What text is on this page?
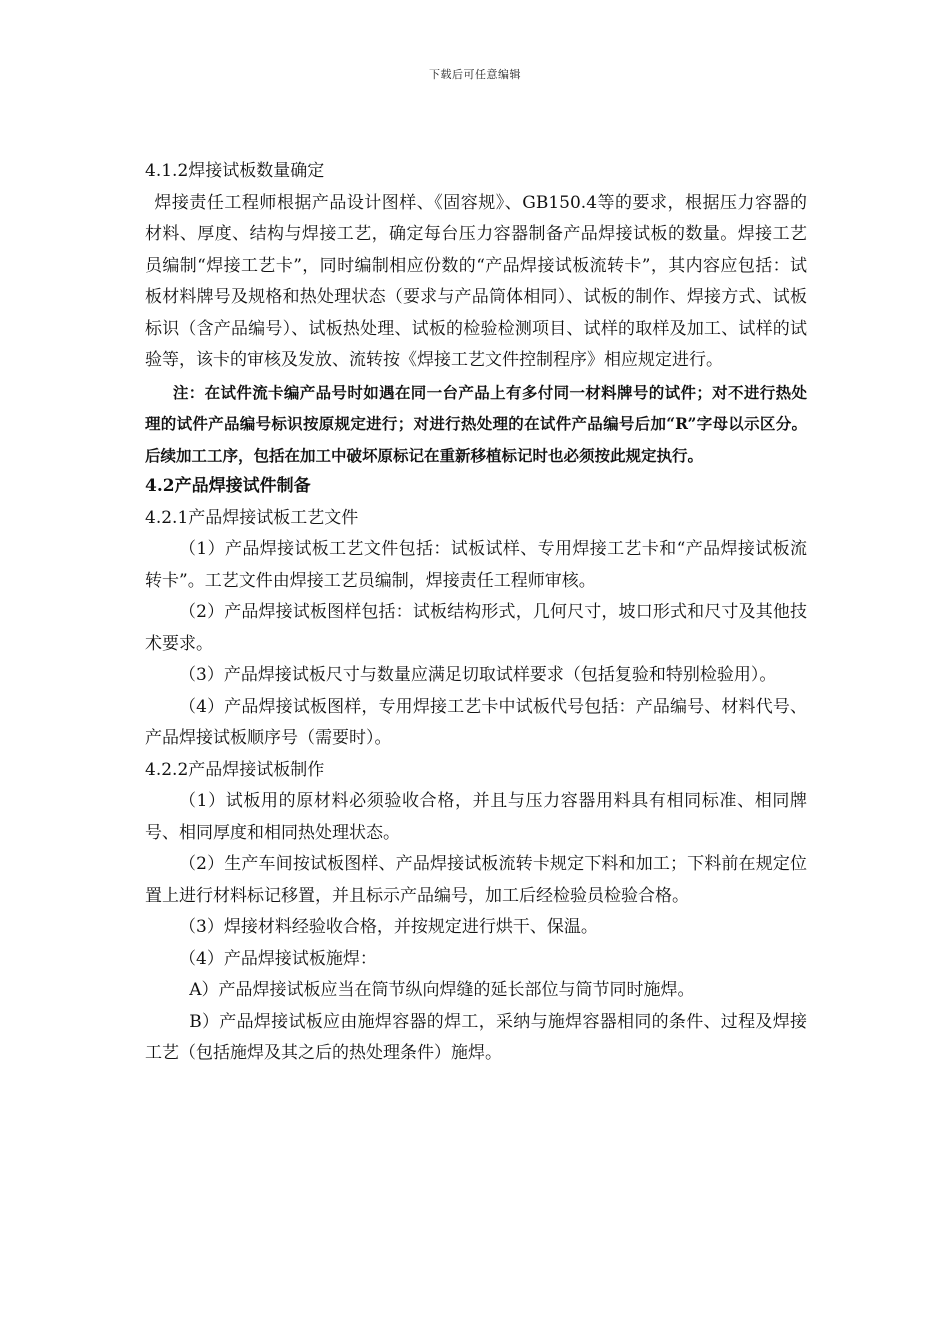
下载后可任意编辑

4.1.2焊接试板数量确定

焊接责任工程师根据产品设计图样、《固容规》、GB150.4等的要求，根据压力容器的材料、厚度、结构与焊接工艺，确定每台压力容器制备产品焊接试板的数量。焊接工艺员编制“焊接工艺卡”，同时编制相应份数的“产品焊接试板流转卡”，其内容应包括：试板材料牌号及规格和热处理状态（要求与产品筒体相同）、试板的制作、焊接方式、试板标识（含产品编号）、试板热处理、试板的检验检测项目、试样的取样及加工、试样的试验等，该卡的审核及发放、流转按《焊接工艺文件控制程序》相应规定进行。

注：在试件流卡编产品号时如遇在同一台产品上有多付同一材料牌号的试件；对不进行热处理的试件产品编号标识按原规定进行；对进行热处理的在试件产品编号后加“R”字母以示区分。后续加工工序，包括在加工中破坏原标记在重新移植标记时也必须按此规定执行。

4.2产品焊接试件制备

4.2.1产品焊接试板工艺文件

（1）产品焊接试板工艺文件包括：试板试样、专用焊接工艺卡和“产品焊接试板流转卡”。工艺文件由焊接工艺员编制，焊接责任工程师审核。

（2）产品焊接试板图样包括：试板结构形式，几何尺寸，坡口形式和尺寸及其他技术要求。

（3）产品焊接试板尺寸与数量应满足切取试样要求（包括复验和特别检验用）。

（4）产品焊接试板图样，专用焊接工艺卡中试板代号包括：产品编号、材料代号、产品焊接试板顺序号（需要时）。

4.2.2产品焊接试板制作

（1）试板用的原材料必须验收合格，并且与压力容器用料具有相同标准、相同牌号、相同厚度和相同热处理状态。

（2）生产车间按试板图样、产品焊接试板流转卡规定下料和加工；下料前在规定位置上进行材料标记移置，并且标示产品编号，加工后经检验员检验合格。

（3）焊接材料经验收合格，并按规定进行烘干、保温。

（4）产品焊接试板施焊：

A）产品焊接试板应当在筒节纵向焊缝的延长部位与筒节同时施焊。

B）产品焊接试板应由施焊容器的焊工，采纳与施焊容器相同的条件、过程及焊接工艺（包括施焊及其之后的热处理条件）施焊。
